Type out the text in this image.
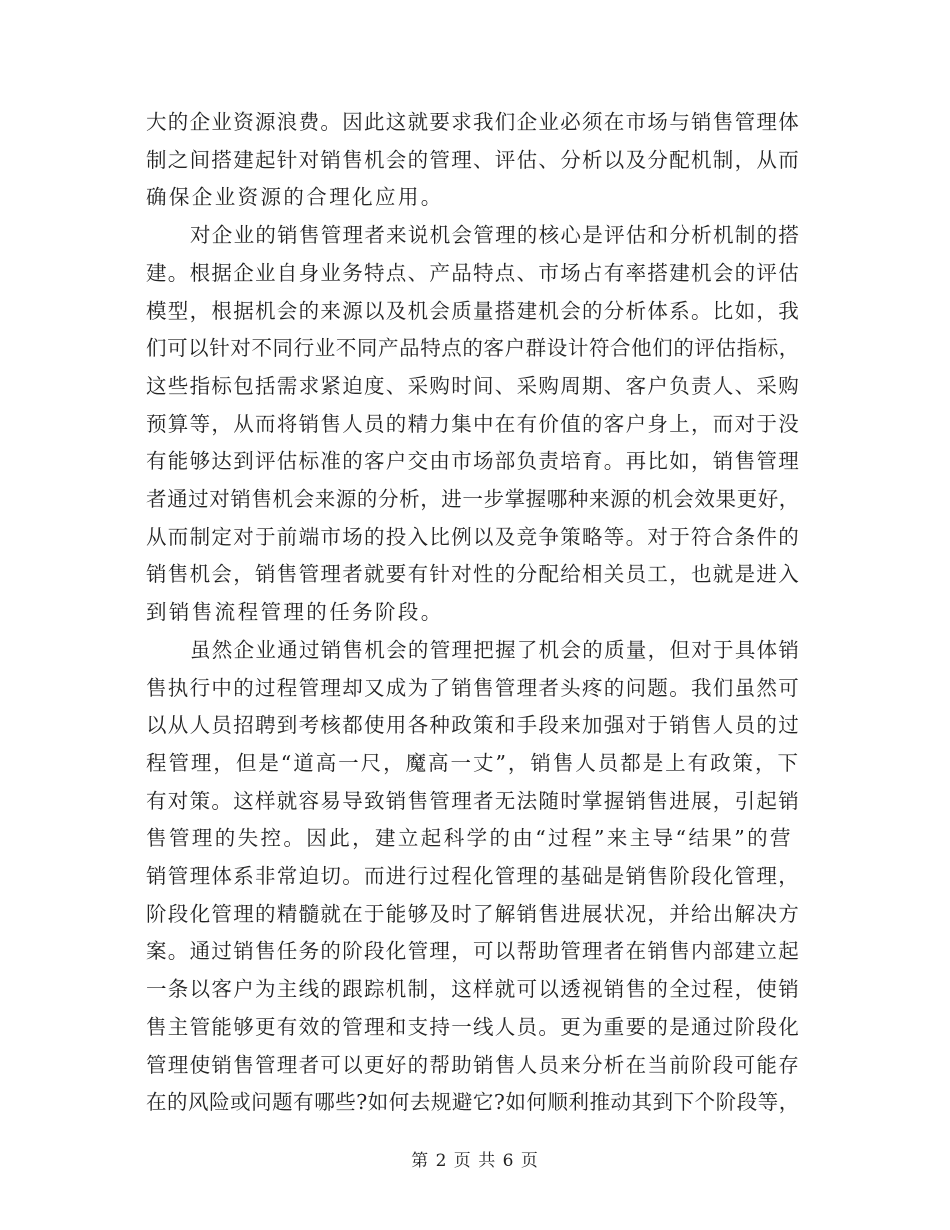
大的企业资源浪费。因此这就要求我们企业必须在市场与销售管理体
制之间搭建起针对销售机会的管理、评估、分析以及分配机制，从而
确保企业资源的合理化应用。

对企业的销售管理者来说机会管理的核心是评估和分析机制的搭
建。根据企业自身业务特点、产品特点、市场占有率搭建机会的评估
模型，根据机会的来源以及机会质量搭建机会的分析体系。比如，我
们可以针对不同行业不同产品特点的客户群设计符合他们的评估指标，
这些指标包括需求紧迫度、采购时间、采购周期、客户负责人、采购
预算等，从而将销售人员的精力集中在有价值的客户身上，而对于没
有能够达到评估标准的客户交由市场部负责培育。再比如，销售管理
者通过对销售机会来源的分析，进一步掌握哪种来源的机会效果更好，
从而制定对于前端市场的投入比例以及竞争策略等。对于符合条件的
销售机会，销售管理者就要有针对性的分配给相关员工，也就是进入
到销售流程管理的任务阶段。

虽然企业通过销售机会的管理把握了机会的质量，但对于具体销
售执行中的过程管理却又成为了销售管理者头疼的问题。我们虽然可
以从人员招聘到考核都使用各种政策和手段来加强对于销售人员的过
程管理，但是“道高一尺，魔高一丈”，销售人员都是上有政策，下
有对策。这样就容易导致销售管理者无法随时掌握销售进展，引起销
售管理的失控。因此，建立起科学的由“过程”来主导“结果”的营
销管理体系非常迫切。而进行过程化管理的基础是销售阶段化管理，
阶段化管理的精髓就在于能够及时了解销售进展状况，并给出解决方
案。通过销售任务的阶段化管理，可以帮助管理者在销售内部建立起
一条以客户为主线的跟踪机制，这样就可以透视销售的全过程，使销
售主管能够更有效的管理和支持一线人员。更为重要的是通过阶段化
管理使销售管理者可以更好的帮助销售人员来分析在当前阶段可能存
在的风险或问题有哪些?如何去规避它?如何顺利推动其到下个阶段等，

第 2 页 共 6 页
